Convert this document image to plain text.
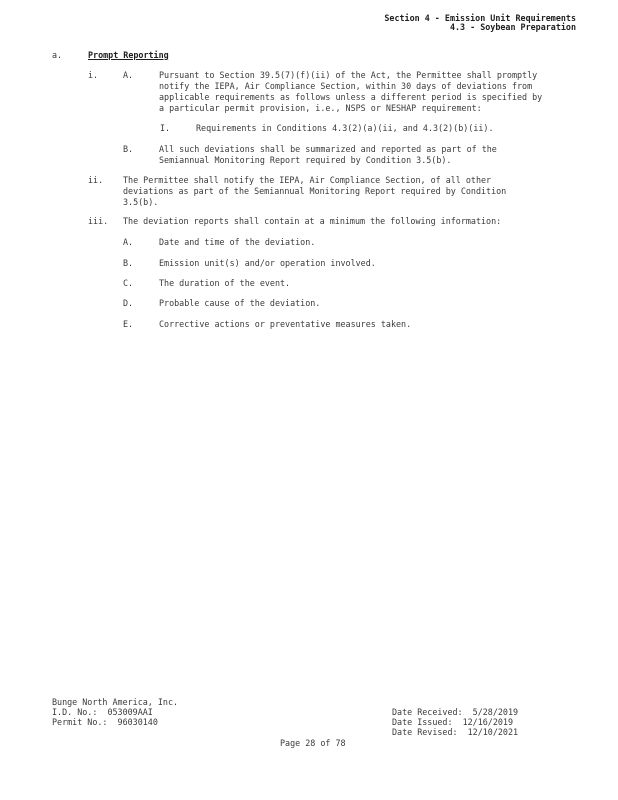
Section 4 - Emission Unit Requirements
4.3 - Soybean Preparation
a.	Prompt Reporting
i.	A.	Pursuant to Section 39.5(7)(f)(ii) of the Act, the Permittee shall promptly
notify the IEPA, Air Compliance Section, within 30 days of deviations from
applicable requirements as follows unless a different period is specified by
a particular permit provision, i.e., NSPS or NESHAP requirement:
I.	Requirements in Conditions 4.3(2)(a)(ii, and 4.3(2)(b)(ii).
B.	All such deviations shall be summarized and reported as part of the
Semiannual Monitoring Report required by Condition 3.5(b).
ii. The Permittee shall notify the IEPA, Air Compliance Section, of all other
deviations as part of the Semiannual Monitoring Report required by Condition
3.5(b).
iii. The deviation reports shall contain at a minimum the following information:
A.	Date and time of the deviation.
B.	Emission unit(s) and/or operation involved.
C.	The duration of the event.
D.	Probable cause of the deviation.
E.	Corrective actions or preventative measures taken.
Bunge North America, Inc.
I.D. No.:  053009AAI
Permit No.:  96030140
Date Received:  5/28/2019
Date Issued:  12/16/2019
Date Revised:  12/10/2021
Page 28 of 78
